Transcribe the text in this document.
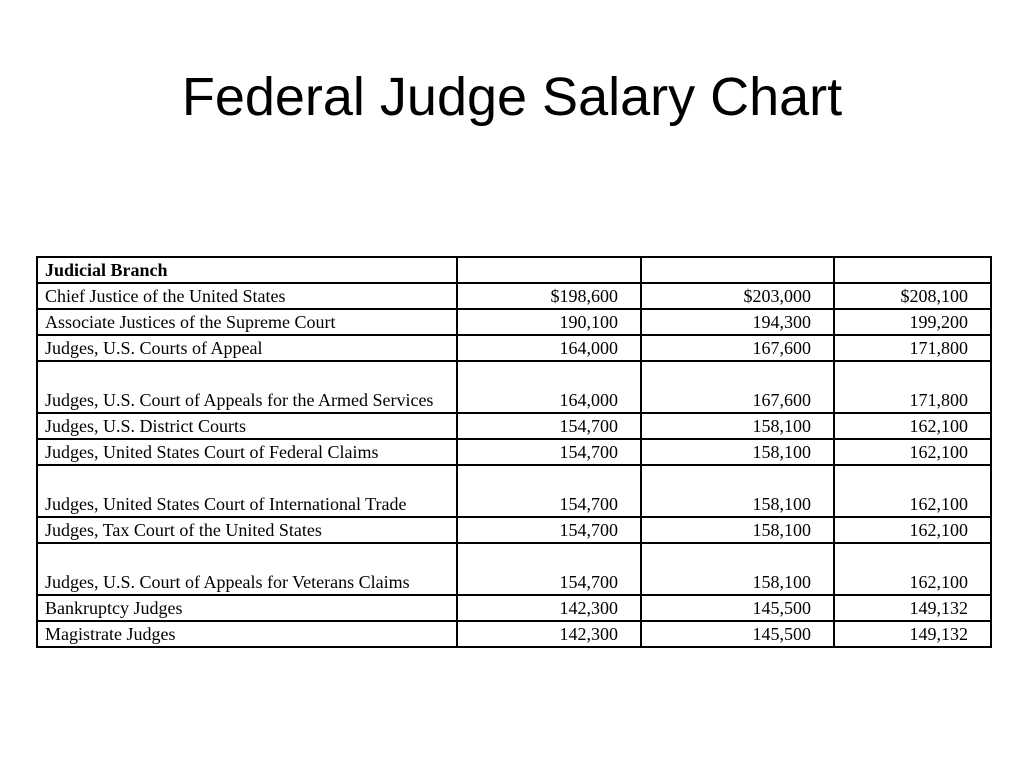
Federal Judge Salary Chart
Judicial Branch			
Chief Justice of the United States	$198,600	$203,000	$208,100
Associate Justices of the Supreme Court	190,100	194,300	199,200
Judges, U.S. Courts of Appeal	164,000	167,600	171,800
Judges, U.S. Court of Appeals for the Armed Services	164,000	167,600	171,800
Judges, U.S. District Courts	154,700	158,100	162,100
Judges, United States Court of Federal Claims	154,700	158,100	162,100
Judges, United States Court of International Trade	154,700	158,100	162,100
Judges, Tax Court of the United States	154,700	158,100	162,100
Judges, U.S. Court of Appeals for Veterans Claims	154,700	158,100	162,100
Bankruptcy Judges	142,300	145,500	149,132
Magistrate Judges	142,300	145,500	149,132
